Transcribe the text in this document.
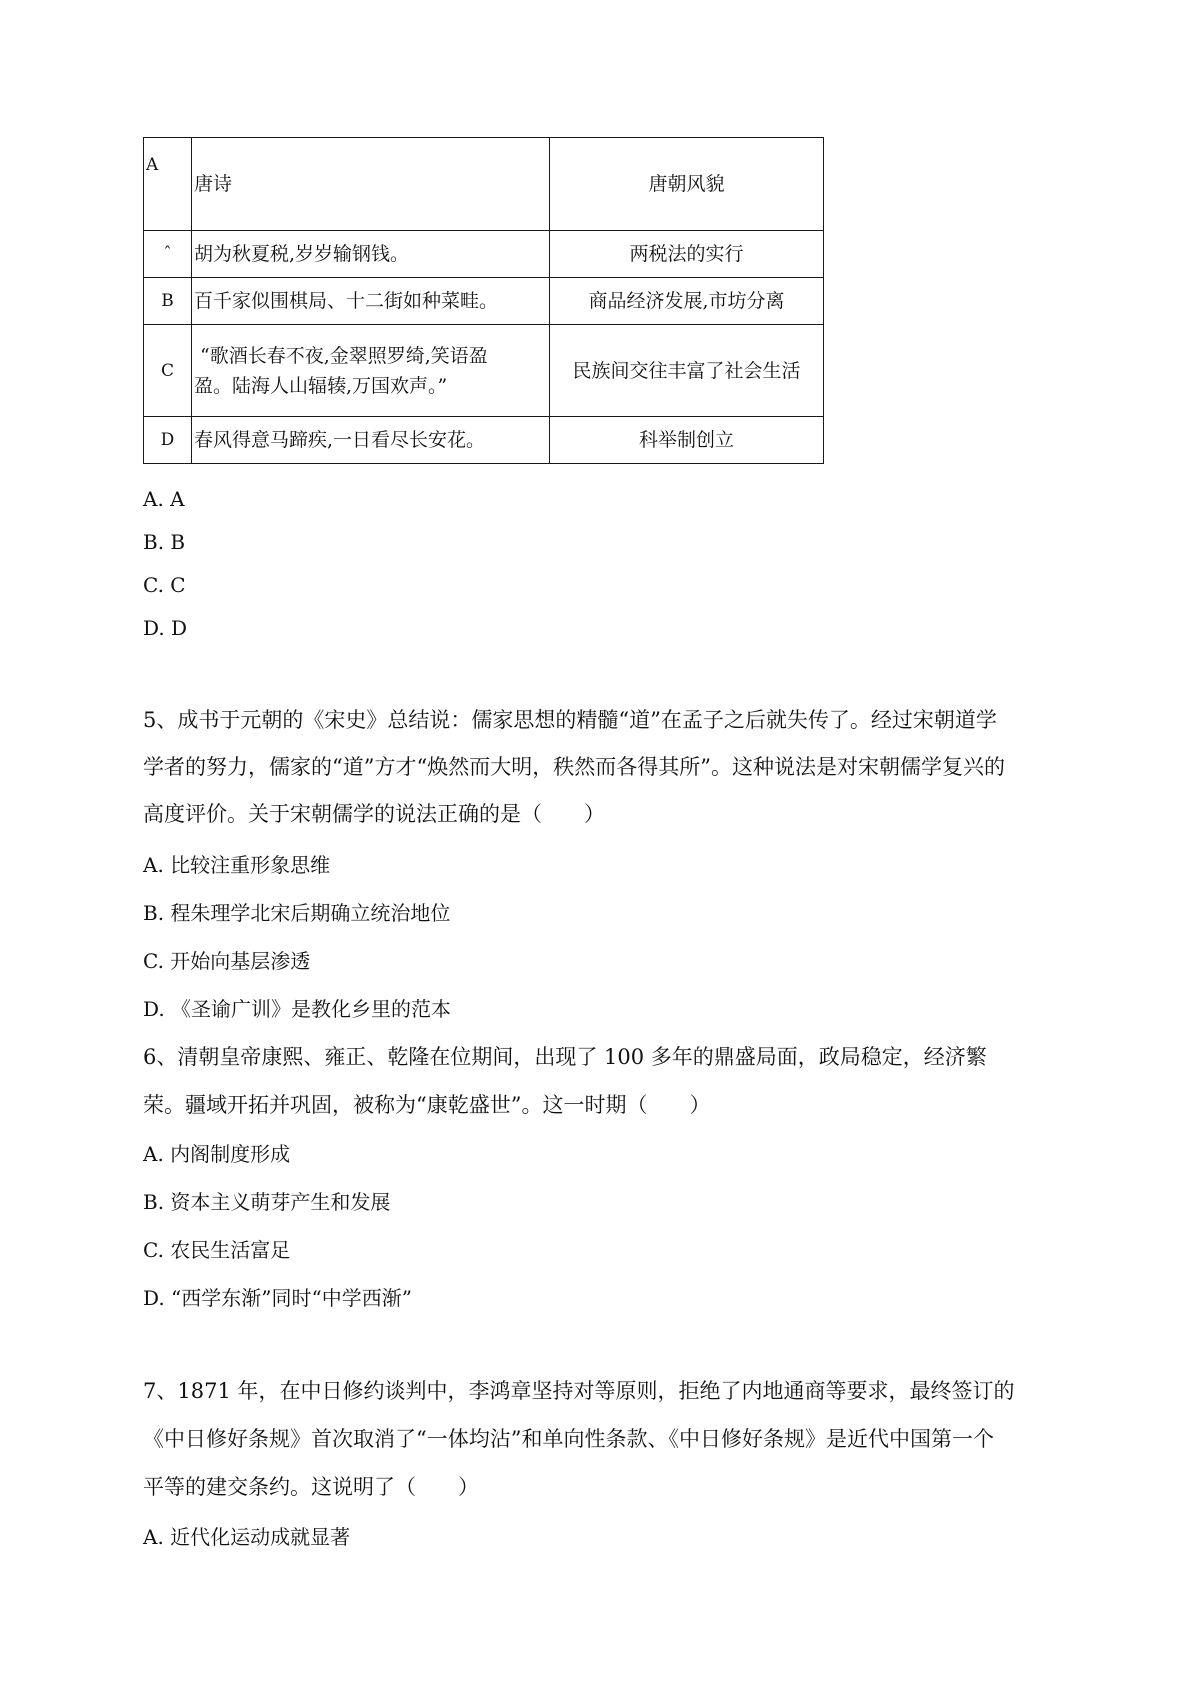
A	唐诗	唐朝风貌
ˆ	胡为秋夏税,岁岁输钢钱。	两税法的实行
B	百千家似围棋局、十二街如种菜畦。	商品经济发展,市坊分离
C	“歌酒长春不夜,金翠照罗绮,笑语盈
盈。陆海人山辐辏,万国欢声。”	民族间交往丰富了社会生活
D	春风得意马蹄疾,一日看尽长安花。	科举制创立
A. A
B. B
C. C
D. D
5、成书于元朝的《宋史》总结说：儒家思想的精髓“道”在孟子之后就失传了。经过宋朝道学
学者的努力，儒家的“道”方才“焕然而大明，秩然而各得其所”。这种说法是对宋朝儒学复兴的
高度评价。关于宋朝儒学的说法正确的是（　　）
A. 比较注重形象思维
B. 程朱理学北宋后期确立统治地位
C. 开始向基层渗透
D. 《圣谕广训》是教化乡里的范本
6、清朝皇帝康熙、雍正、乾隆在位期间，出现了 100 多年的鼎盛局面，政局稳定，经济繁
荣。疆域开拓并巩固，被称为“康乾盛世”。这一时期（　　）
A. 内阁制度形成
B. 资本主义萌芽产生和发展
C. 农民生活富足
D. “西学东渐”同时“中学西渐”
7、1871 年，在中日修约谈判中，李鸿章坚持对等原则，拒绝了内地通商等要求，最终签订的
《中日修好条规》首次取消了“一体均沾”和单向性条款、《中日修好条规》是近代中国第一个
平等的建交条约。这说明了（　　）
A. 近代化运动成就显著
